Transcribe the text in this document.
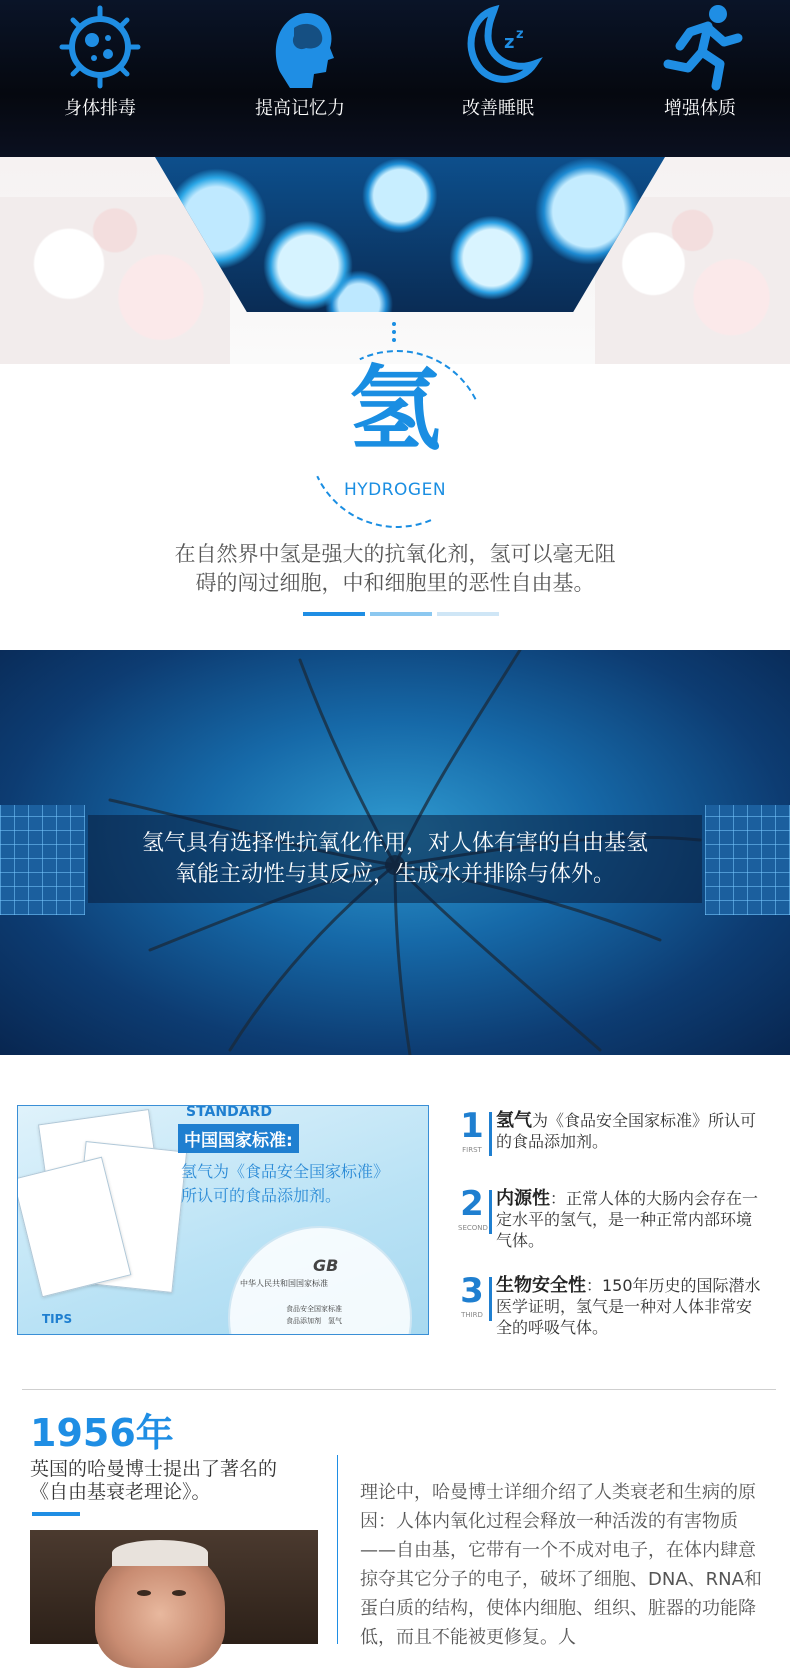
身体排毒	提高记忆力
z z
改善睡眠	增强体质
氢
HYDROGEN
在自然界中氢是强大的抗氧化剂，氢可以毫无阻
碍的闯过细胞，中和细胞里的恶性自由基。
氢气具有选择性抗氧化作用，对人体有害的自由基氢
氧能主动性与其反应，生成水并排除与体外。
STANDARD
中国国家标准:
氢气为《食品安全国家标准》
所认可的食品添加剂。
GB
中华人民共和国国家标准
食品安全国家标准
食品添加剂　氢气
TIPS
1
FIRST
氢气为《食品安全国家标准》所认可的食品添加剂。
2
SECOND
内源性：正常人体的大肠内会存在一定水平的氢气，是一种正常内部环境气体。
3
THIRD
生物安全性：150年历史的国际潜水医学证明，氢气是一种对人体非常安全的呼吸气体。
1956年
英国的哈曼博士提出了著名的
《自由基衰老理论》。	理论中，哈曼博士详细介绍了人类衰老和生病的原因：人体内氧化过程会释放一种活泼的有害物质——自由基，它带有一个不成对电子，在体内肆意掠夺其它分子的电子，破坏了细胞、DNA、RNA和蛋白质的结构，使体内细胞、组织、脏器的功能降低，而且不能被更修复。人
